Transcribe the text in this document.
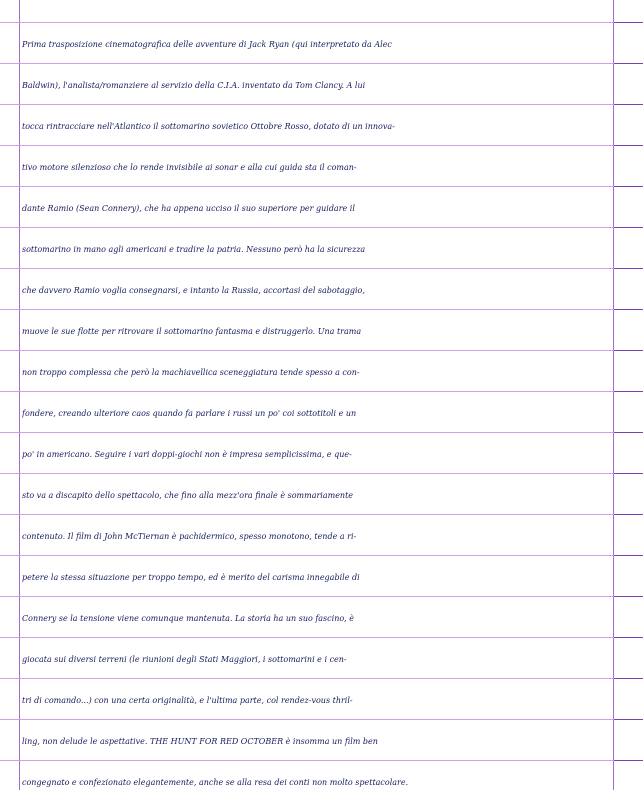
Prima trasposizione cinematografica delle avventure di Jack Ryan (qui interpretato da Alec
Baldwin), l'analista/romanziere al servizio della C.I.A. inventato da Tom Clancy. A lui
tocca rintracciare nell'Atlantico il sottomarino sovietico Ottobre Rosso, dotato di un innova-
tivo motore silenzioso che lo rende invisibile ai sonar e alla cui guida sta il coman-
dante Ramio (Sean Connery), che ha appena ucciso il suo superiore per guidare il
sottomarino in mano agli americani e tradire la patria. Nessuno però ha la sicurezza
che davvero Ramio voglia consegnarsi, e intanto la Russia, accortasi del sabotaggio,
muove le sue flotte per ritrovare il sottomarino fantasma e distruggerlo. Una trama
non troppo complessa che però la machiavellica sceneggiatura tende spesso a con-
fondere, creando ulteriore caos quando fa parlare i russi un po' coi sottotitoli e un
po' in americano. Seguire i vari doppi-giochi non è impresa semplicissima, e que-
sto va a discapito dello spettacolo, che fino alla mezz'ora finale è sommariamente
contenuto. Il film di John McTiernan è pachidermico, spesso monotono, tende a ri-
petere la stessa situazione per troppo tempo, ed è merito del carisma innegabile di
Connery se la tensione viene comunque mantenuta. La storia ha un suo fascino, è
giocata sui diversi terreni (le riunioni degli Stati Maggiori, i sottomarini e i cen-
tri di comando...) con una certa originalità, e l'ultima parte, col rendez-vous thril-
ling, non delude le aspettative. THE HUNT FOR RED OCTOBER è insomma un film ben
congegnato e confezionato elegantemente, anche se alla resa dei conti non molto spettacolare.
